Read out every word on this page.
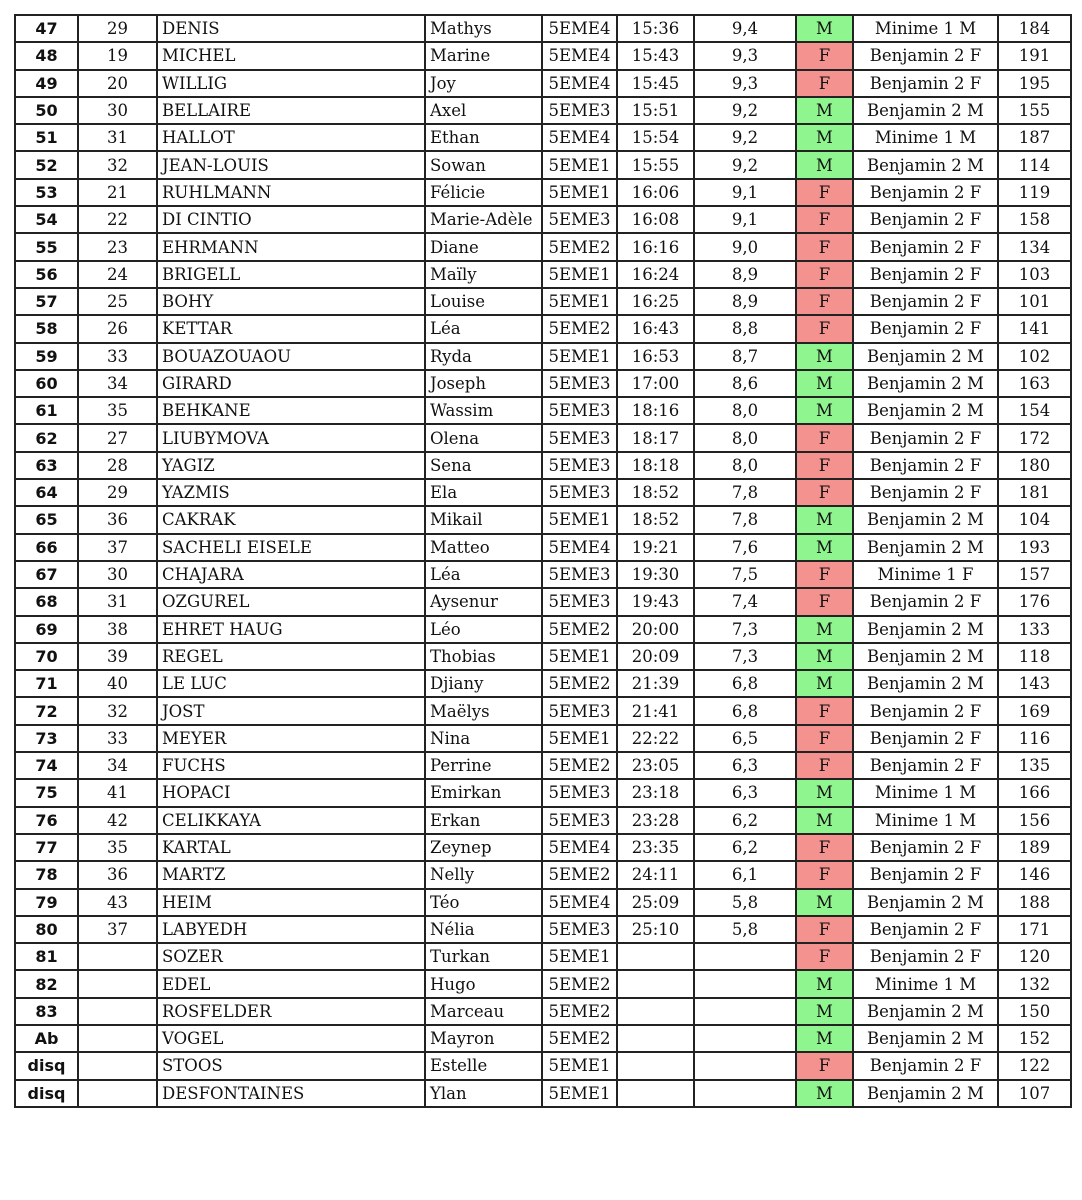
47	29	DENIS	Mathys	5EME4	15:36	9,4	M	Minime 1 M	184
48	19	MICHEL	Marine	5EME4	15:43	9,3	F	Benjamin 2 F	191
49	20	WILLIG	Joy	5EME4	15:45	9,3	F	Benjamin 2 F	195
50	30	BELLAIRE	Axel	5EME3	15:51	9,2	M	Benjamin 2 M	155
51	31	HALLOT	Ethan	5EME4	15:54	9,2	M	Minime 1 M	187
52	32	JEAN-LOUIS	Sowan	5EME1	15:55	9,2	M	Benjamin 2 M	114
53	21	RUHLMANN	Félicie	5EME1	16:06	9,1	F	Benjamin 2 F	119
54	22	DI CINTIO	Marie-Adèle	5EME3	16:08	9,1	F	Benjamin 2 F	158
55	23	EHRMANN	Diane	5EME2	16:16	9,0	F	Benjamin 2 F	134
56	24	BRIGELL	Maïly	5EME1	16:24	8,9	F	Benjamin 2 F	103
57	25	BOHY	Louise	5EME1	16:25	8,9	F	Benjamin 2 F	101
58	26	KETTAR	Léa	5EME2	16:43	8,8	F	Benjamin 2 F	141
59	33	BOUAZOUAOU	Ryda	5EME1	16:53	8,7	M	Benjamin 2 M	102
60	34	GIRARD	Joseph	5EME3	17:00	8,6	M	Benjamin 2 M	163
61	35	BEHKANE	Wassim	5EME3	18:16	8,0	M	Benjamin 2 M	154
62	27	LIUBYMOVA	Olena	5EME3	18:17	8,0	F	Benjamin 2 F	172
63	28	YAGIZ	Sena	5EME3	18:18	8,0	F	Benjamin 2 F	180
64	29	YAZMIS	Ela	5EME3	18:52	7,8	F	Benjamin 2 F	181
65	36	CAKRAK	Mikail	5EME1	18:52	7,8	M	Benjamin 2 M	104
66	37	SACHELI EISELE	Matteo	5EME4	19:21	7,6	M	Benjamin 2 M	193
67	30	CHAJARA	Léa	5EME3	19:30	7,5	F	Minime 1 F	157
68	31	OZGUREL	Aysenur	5EME3	19:43	7,4	F	Benjamin 2 F	176
69	38	EHRET HAUG	Léo	5EME2	20:00	7,3	M	Benjamin 2 M	133
70	39	REGEL	Thobias	5EME1	20:09	7,3	M	Benjamin 2 M	118
71	40	LE LUC	Djiany	5EME2	21:39	6,8	M	Benjamin 2 M	143
72	32	JOST	Maëlys	5EME3	21:41	6,8	F	Benjamin 2 F	169
73	33	MEYER	Nina	5EME1	22:22	6,5	F	Benjamin 2 F	116
74	34	FUCHS	Perrine	5EME2	23:05	6,3	F	Benjamin 2 F	135
75	41	HOPACI	Emirkan	5EME3	23:18	6,3	M	Minime 1 M	166
76	42	CELIKKAYA	Erkan	5EME3	23:28	6,2	M	Minime 1 M	156
77	35	KARTAL	Zeynep	5EME4	23:35	6,2	F	Benjamin 2 F	189
78	36	MARTZ	Nelly	5EME2	24:11	6,1	F	Benjamin 2 F	146
79	43	HEIM	Téo	5EME4	25:09	5,8	M	Benjamin 2 M	188
80	37	LABYEDH	Nélia	5EME3	25:10	5,8	F	Benjamin 2 F	171
81		SOZER	Turkan	5EME1			F	Benjamin 2 F	120
82		EDEL	Hugo	5EME2			M	Minime 1 M	132
83		ROSFELDER	Marceau	5EME2			M	Benjamin 2 M	150
Ab		VOGEL	Mayron	5EME2			M	Benjamin 2 M	152
disq		STOOS	Estelle	5EME1			F	Benjamin 2 F	122
disq		DESFONTAINES	Ylan	5EME1			M	Benjamin 2 M	107
